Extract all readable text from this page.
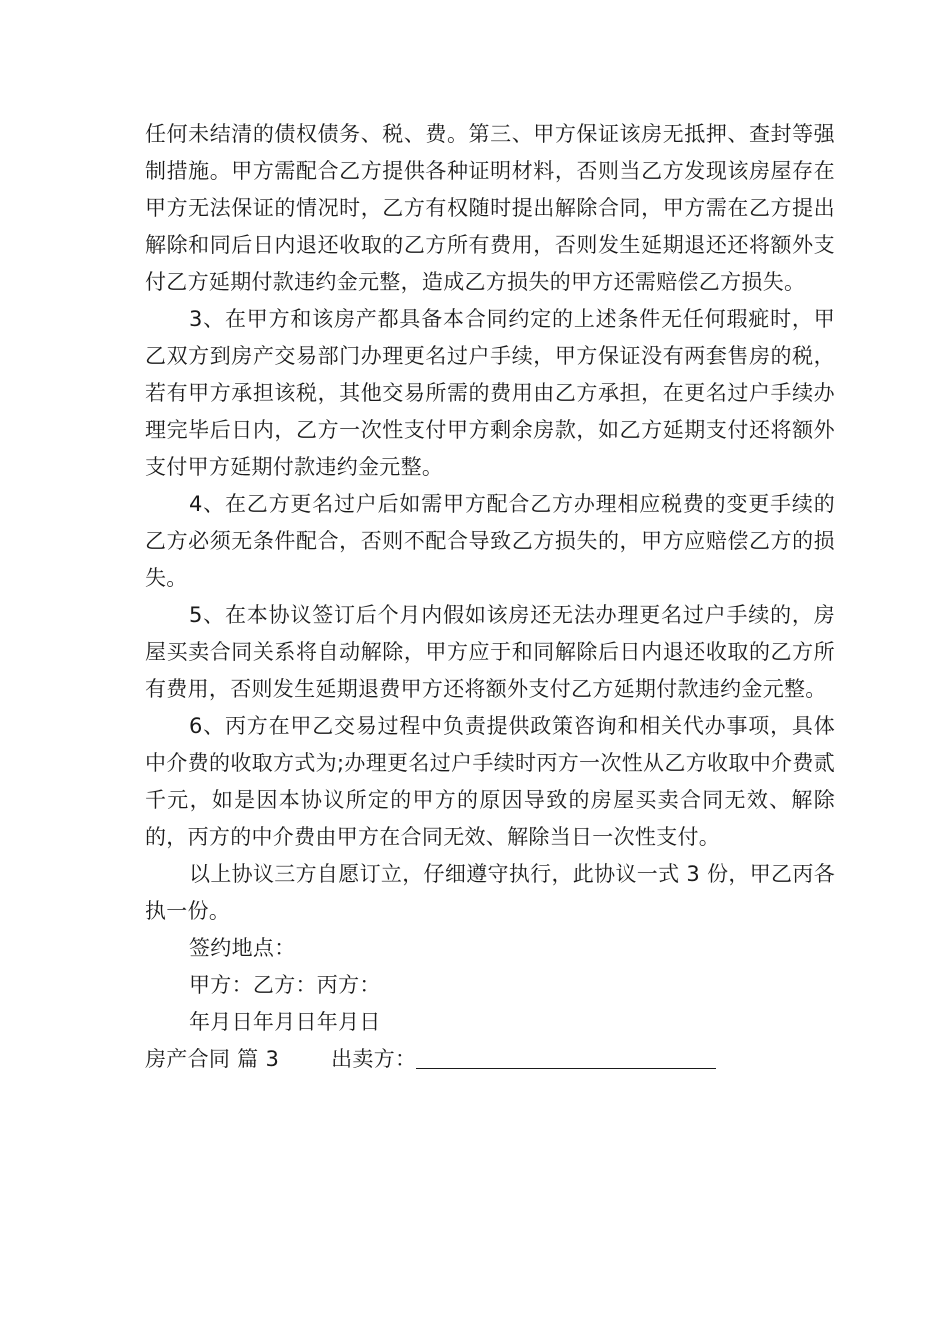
任何未结清的债权债务、税、费。第三、甲方保证该房无抵押、查封等强制措施。甲方需配合乙方提供各种证明材料，否则当乙方发现该房屋存在甲方无法保证的情况时，乙方有权随时提出解除合同，甲方需在乙方提出解除和同后日内退还收取的乙方所有费用，否则发生延期退还还将额外支付乙方延期付款违约金元整，造成乙方损失的甲方还需赔偿乙方损失。

3、在甲方和该房产都具备本合同约定的上述条件无任何瑕疵时，甲乙双方到房产交易部门办理更名过户手续，甲方保证没有两套售房的税，若有甲方承担该税，其他交易所需的费用由乙方承担，在更名过户手续办理完毕后日内，乙方一次性支付甲方剩余房款，如乙方延期支付还将额外支付甲方延期付款违约金元整。

4、在乙方更名过户后如需甲方配合乙方办理相应税费的变更手续的乙方必须无条件配合，否则不配合导致乙方损失的，甲方应赔偿乙方的损失。

5、在本协议签订后个月内假如该房还无法办理更名过户手续的，房屋买卖合同关系将自动解除，甲方应于和同解除后日内退还收取的乙方所有费用，否则发生延期退费甲方还将额外支付乙方延期付款违约金元整。

6、丙方在甲乙交易过程中负责提供政策咨询和相关代办事项，具体中介费的收取方式为;办理更名过户手续时丙方一次性从乙方收取中介费贰千元，如是因本协议所定的甲方的原因导致的房屋买卖合同无效、解除的，丙方的中介费由甲方在合同无效、解除当日一次性支付。

以上协议三方自愿订立，仔细遵守执行，此协议一式 3 份，甲乙丙各执一份。

签约地点：

甲方：乙方：丙方：

年月日年月日年月日

房产合同 篇 3 出卖方：
